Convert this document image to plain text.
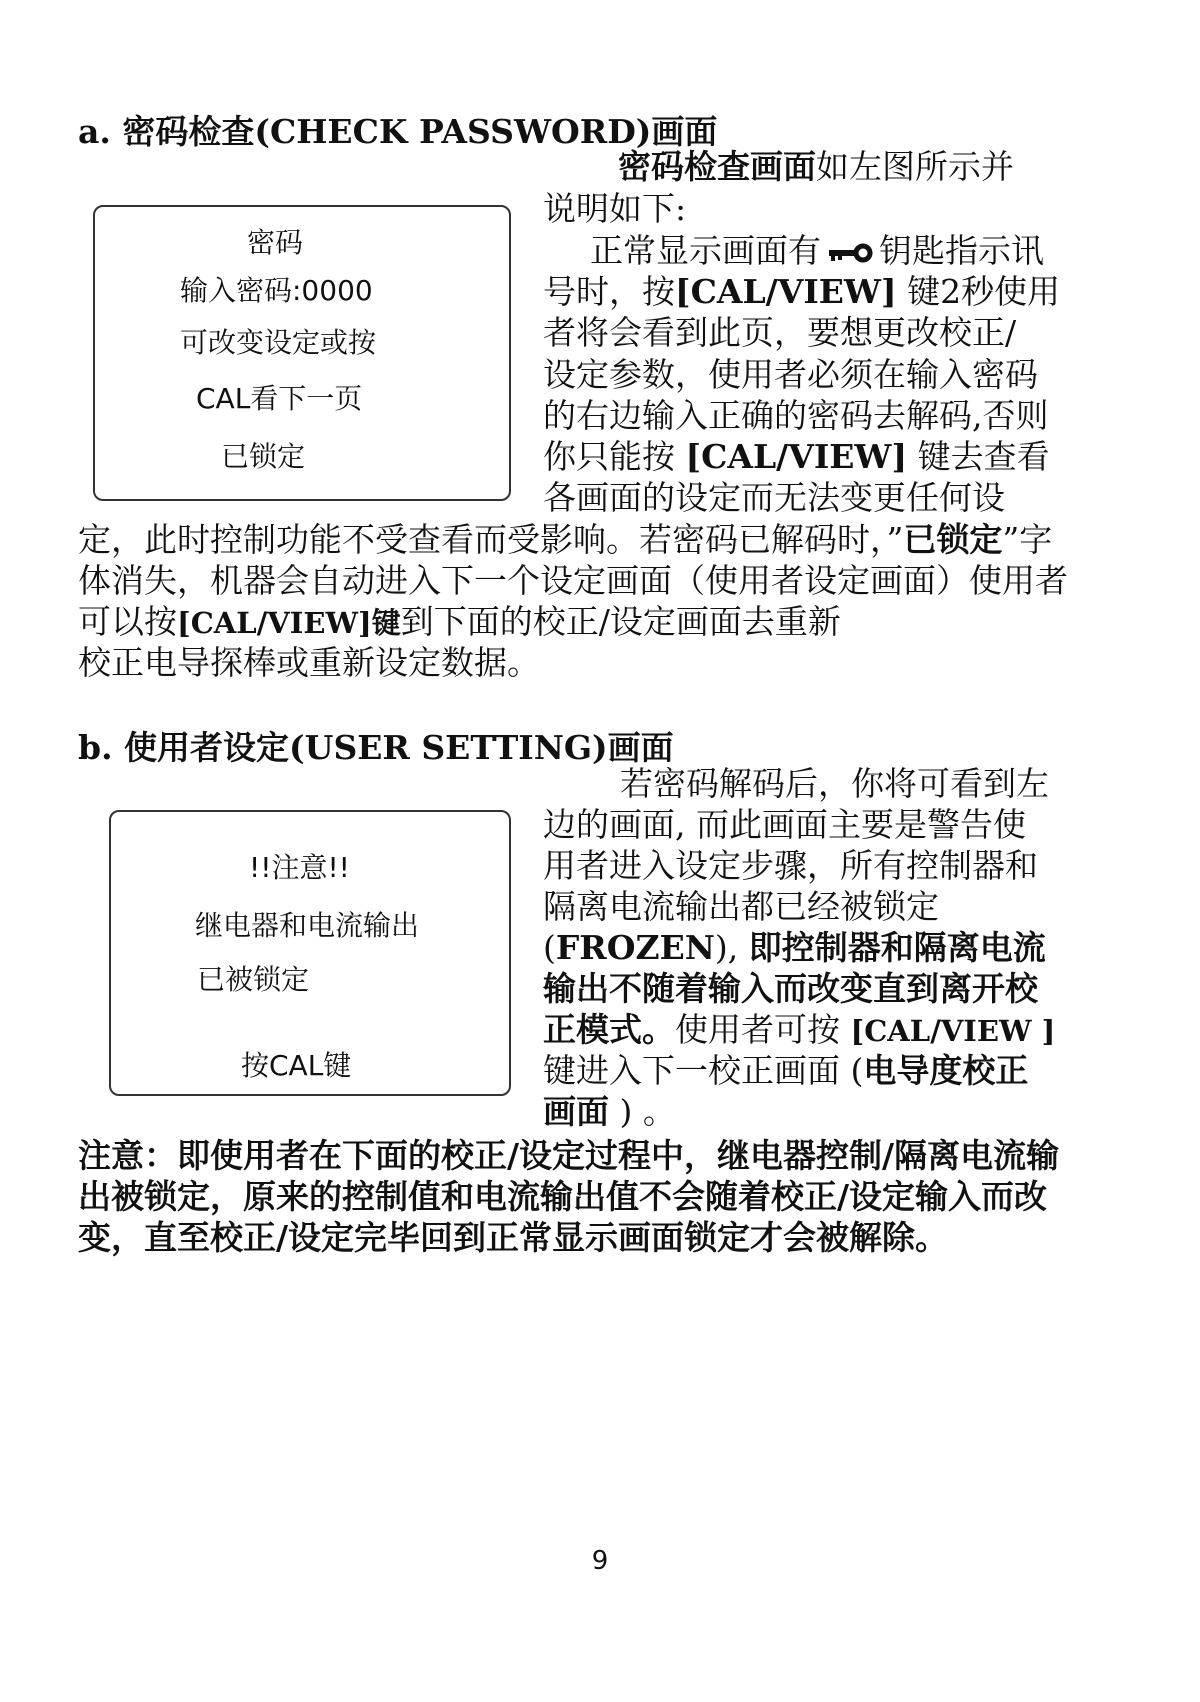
a. 密码检查(CHECK PASSWORD)画面
密码
输入密码:0000
可改变设定或按
CAL看下一页
已锁定
密码检查画面如左图所示并
说明如下:
正常显示画面有 钥匙指示讯
号时，按[CAL/VIEW] 键2秒使用
者将会看到此页，要想更改校正/
设定参数，使用者必须在输入密码
的右边输入正确的密码去解码,否则
你只能按 [CAL/VIEW] 键去查看
各画面的设定而无法变更任何设
定，此时控制功能不受查看而受影响。若密码已解码时，”已锁定”字
体消失，机器会自动进入下一个设定画面（使用者设定画面）使用者
可以按[CAL/VIEW]键到下面的校正/设定画面去重新
校正电导探棒或重新设定数据。
b. 使用者设定(USER SETTING)画面
!!注意!!
继电器和电流输出
已被锁定
按CAL键
若密码解码后，你将可看到左
边的画面, 而此画面主要是警告使
用者进入设定步骤，所有控制器和
隔离电流输出都已经被锁定
(FROZEN), 即控制器和隔离电流
输出不随着输入而改变直到离开校
正模式。使用者可按 [CAL/VIEW ]
键进入下一校正画面 (电导度校正
画面 ) 。
注意：即使用者在下面的校正/设定过程中，继电器控制/隔离电流输
出被锁定，原来的控制值和电流输出值不会随着校正/设定输入而改
变，直至校正/设定完毕回到正常显示画面锁定才会被解除。
9
